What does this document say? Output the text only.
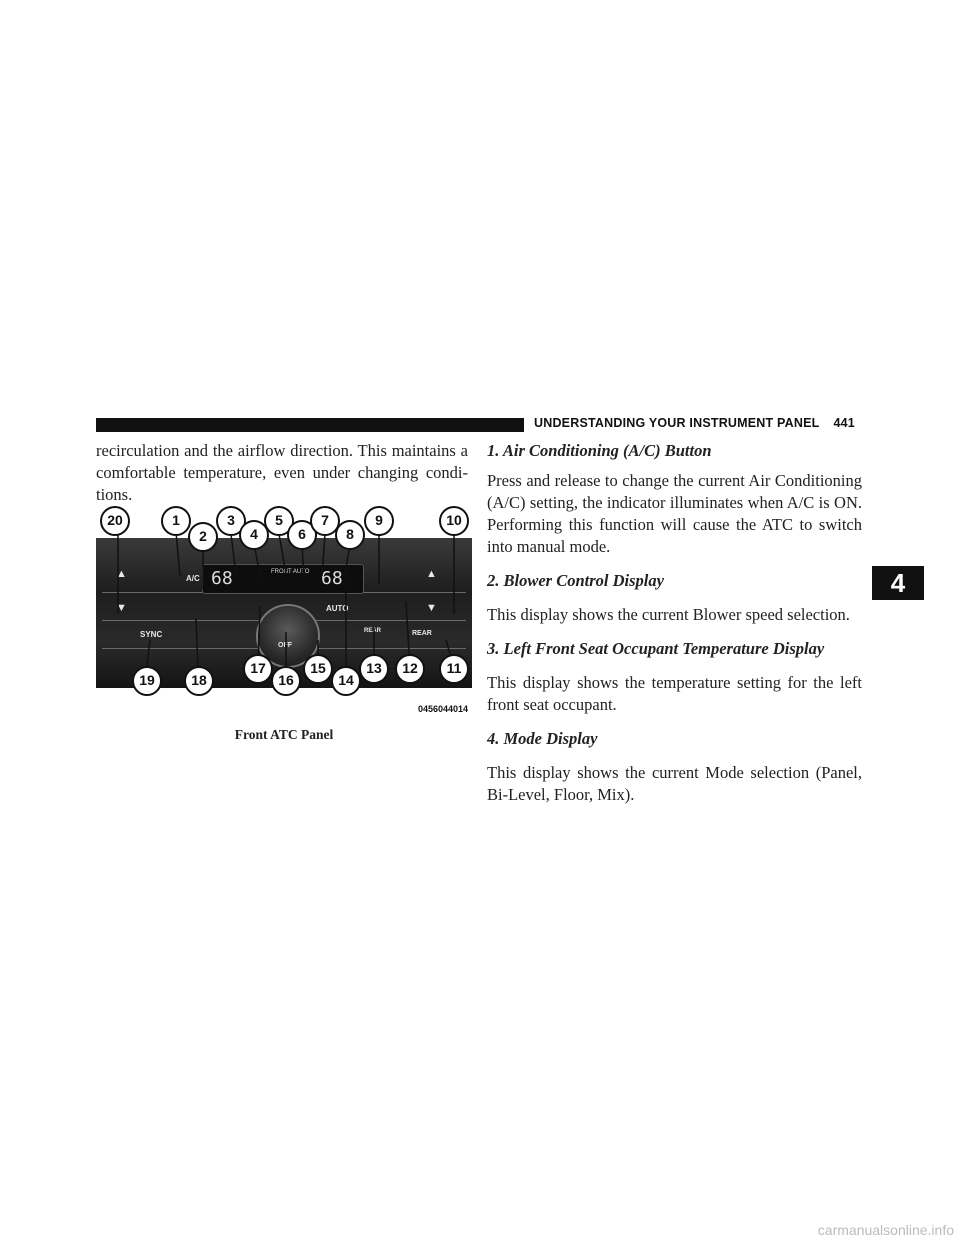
UNDERSTANDING YOUR INSTRUMENT PANEL 441
4

recirculation and the airflow direction. This maintains a comfortable temperature, even under changing condi- tions.

▲
▼
A/C
SYNC
AUTO
REAR	REAR
▲
▼
68	FRONT AUTO 68
OFF
20	1
2
3
4
5
6
7
8
9	10
19	18
17
16
15
14
13	12	11
0456044014
Front ATC Panel
1. Air Conditioning (A/C) Button

Press and release to change the current Air Conditioning (A/C) setting, the indicator illuminates when A/C is ON. Performing this function will cause the ATC to switch into manual mode.

2. Blower Control Display

This display shows the current Blower speed selection.

3. Left Front Seat Occupant Temperature Display

This display shows the temperature setting for the left front seat occupant.

4. Mode Display

This display shows the current Mode selection (Panel, Bi-Level, Floor, Mix).

carmanualsonline.info
